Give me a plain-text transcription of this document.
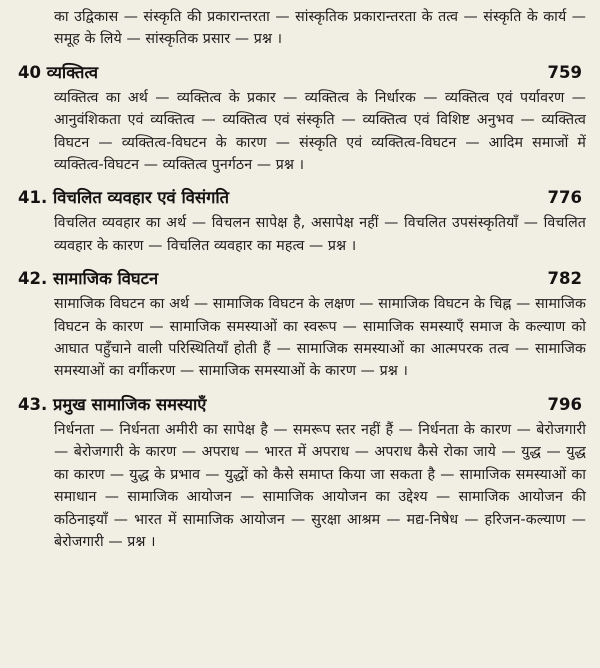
का उद्विकास — संस्कृति की प्रकारान्तरता — सांस्कृतिक प्रकारान्तरता के तत्व — संस्कृति के कार्य — समूह के लिये — सांस्कृतिक प्रसार — प्रश्न ।

40 व्यक्तित्व	759

व्यक्तित्व का अर्थ — व्यक्तित्व के प्रकार — व्यक्तित्व के निर्धारक — व्यक्तित्व एवं पर्यावरण — आनुवंशिकता एवं व्यक्तित्व — व्यक्तित्व एवं संस्कृति — व्यक्तित्व एवं विशिष्ट अनुभव — व्यक्तित्व विघटन — व्यक्तित्व-विघटन के कारण — संस्कृति एवं व्यक्तित्व-विघटन — आदिम समाजों में व्यक्तित्व-विघटन — व्यक्तित्व पुनर्गठन — प्रश्न ।

41. विचलित व्यवहार एवं विसंगति	776

विचलित व्यवहार का अर्थ — विचलन सापेक्ष है, असापेक्ष नहीं — विचलित उपसंस्कृतियाँ — विचलित व्यवहार के कारण — विचलित व्यवहार का महत्व — प्रश्न ।

42. सामाजिक विघटन	782

सामाजिक विघटन का अर्थ — सामाजिक विघटन के लक्षण — सामाजिक विघटन के चिह्न — सामाजिक विघटन के कारण — सामाजिक समस्याओं का स्वरूप — सामाजिक समस्याएँ समाज के कल्याण को आघात पहुँचाने वाली परिस्थितियाँ होती हैं — सामाजिक समस्याओं का आत्मपरक तत्व — सामाजिक समस्याओं का वर्गीकरण — सामाजिक समस्याओं के कारण — प्रश्न ।

43. प्रमुख सामाजिक समस्याएँ	796

निर्धनता — निर्धनता अमीरी का सापेक्ष है — समरूप स्तर नहीं हैं — निर्धनता के कारण — बेरोजगारी — बेरोजगारी के कारण — अपराध — भारत में अपराध — अपराध कैसे रोका जाये — युद्ध — युद्ध का कारण — युद्ध के प्रभाव — युद्धों को कैसे समाप्त किया जा सकता है — सामाजिक समस्याओं का समाधान — सामाजिक आयोजन — सामाजिक आयोजन का उद्देश्य — सामाजिक आयोजन की कठिनाइयाँ — भारत में सामाजिक आयोजन — सुरक्षा आश्रम — मद्य-निषेध — हरिजन-कल्याण — बेरोजगारी — प्रश्न ।
